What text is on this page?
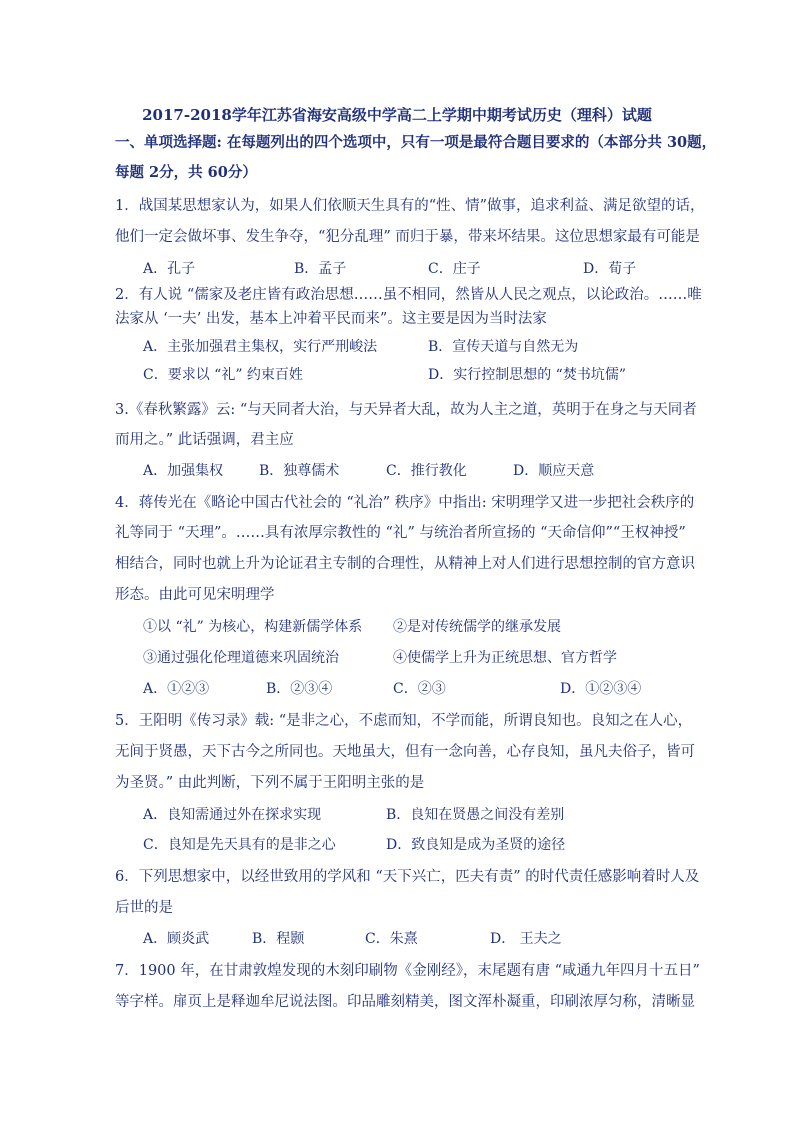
2017-2018学年江苏省海安高级中学高二上学期中期考试历史（理科）试题
一、单项选择题: 在每题列出的四个选项中，只有一项是最符合题目要求的（本部分共 30题，
每题 2分，共 60分）
1．战国某思想家认为，如果人们依顺天生具有的“性、情”做事，追求利益、满足欲望的话，
他们一定会做坏事、发生争夺，“犯分乱理” 而归于暴，带来坏结果。这位思想家最有可能是
A．孔子	B．孟子	C．庄子	D．荀子
2．有人说 “儒家及老庄皆有政治思想……虽不相同，然皆从人民之观点，以论政治。……唯
法家从 ‘一夫’ 出发，基本上冲着平民而来”。这主要是因为当时法家
A．主张加强君主集权，实行严刑峻法	B．宣传天道与自然无为
C．要求以 “礼” 约束百姓	D．实行控制思想的 “焚书坑儒”
3.《春秋繁露》云: “与天同者大治，与天异者大乱，故为人主之道，英明于在身之与天同者
而用之。” 此话强调，君主应
A．加强集权	B．独尊儒术	C．推行教化	D．顺应天意
4．蒋传光在《略论中国古代社会的 “礼治” 秩序》中指出: 宋明理学又进一步把社会秩序的
礼等同于 “天理”。……具有浓厚宗教性的 “礼” 与统治者所宣扬的 “天命信仰”“王权神授”
相结合，同时也就上升为论证君主专制的合理性，从精神上对人们进行思想控制的官方意识
形态。由此可见宋明理学
①以 “礼” 为核心，构建新儒学体系 ②是对传统儒学的继承发展
③通过强化伦理道德来巩固统治	④使儒学上升为正统思想、官方哲学
A．①②③	B．②③④	C．②③	D．①②③④
5．王阳明《传习录》载: “是非之心，不虑而知，不学而能，所谓良知也。良知之在人心，
无间于贤愚，天下古今之所同也。天地虽大，但有一念向善，心存良知，虽凡夫俗子，皆可
为圣贤。” 由此判断，下列不属于王阳明主张的是
A．良知需通过外在探求实现	B．良知在贤愚之间没有差别
C．良知是先天具有的是非之心	D．致良知是成为圣贤的途径
6．下列思想家中，以经世致用的学风和 “天下兴亡，匹夫有责” 的时代责任感影响着时人及
后世的是
A．顾炎武	B．程颢	C．朱熹	D． 王夫之
7．1900 年，在甘肃敦煌发现的木刻印刷物《金刚经》，末尾题有唐 “咸通九年四月十五日”
等字样。扉页上是释迦牟尼说法图。印品雕刻精美，图文浑朴凝重，印刷浓厚匀称，清晰显
